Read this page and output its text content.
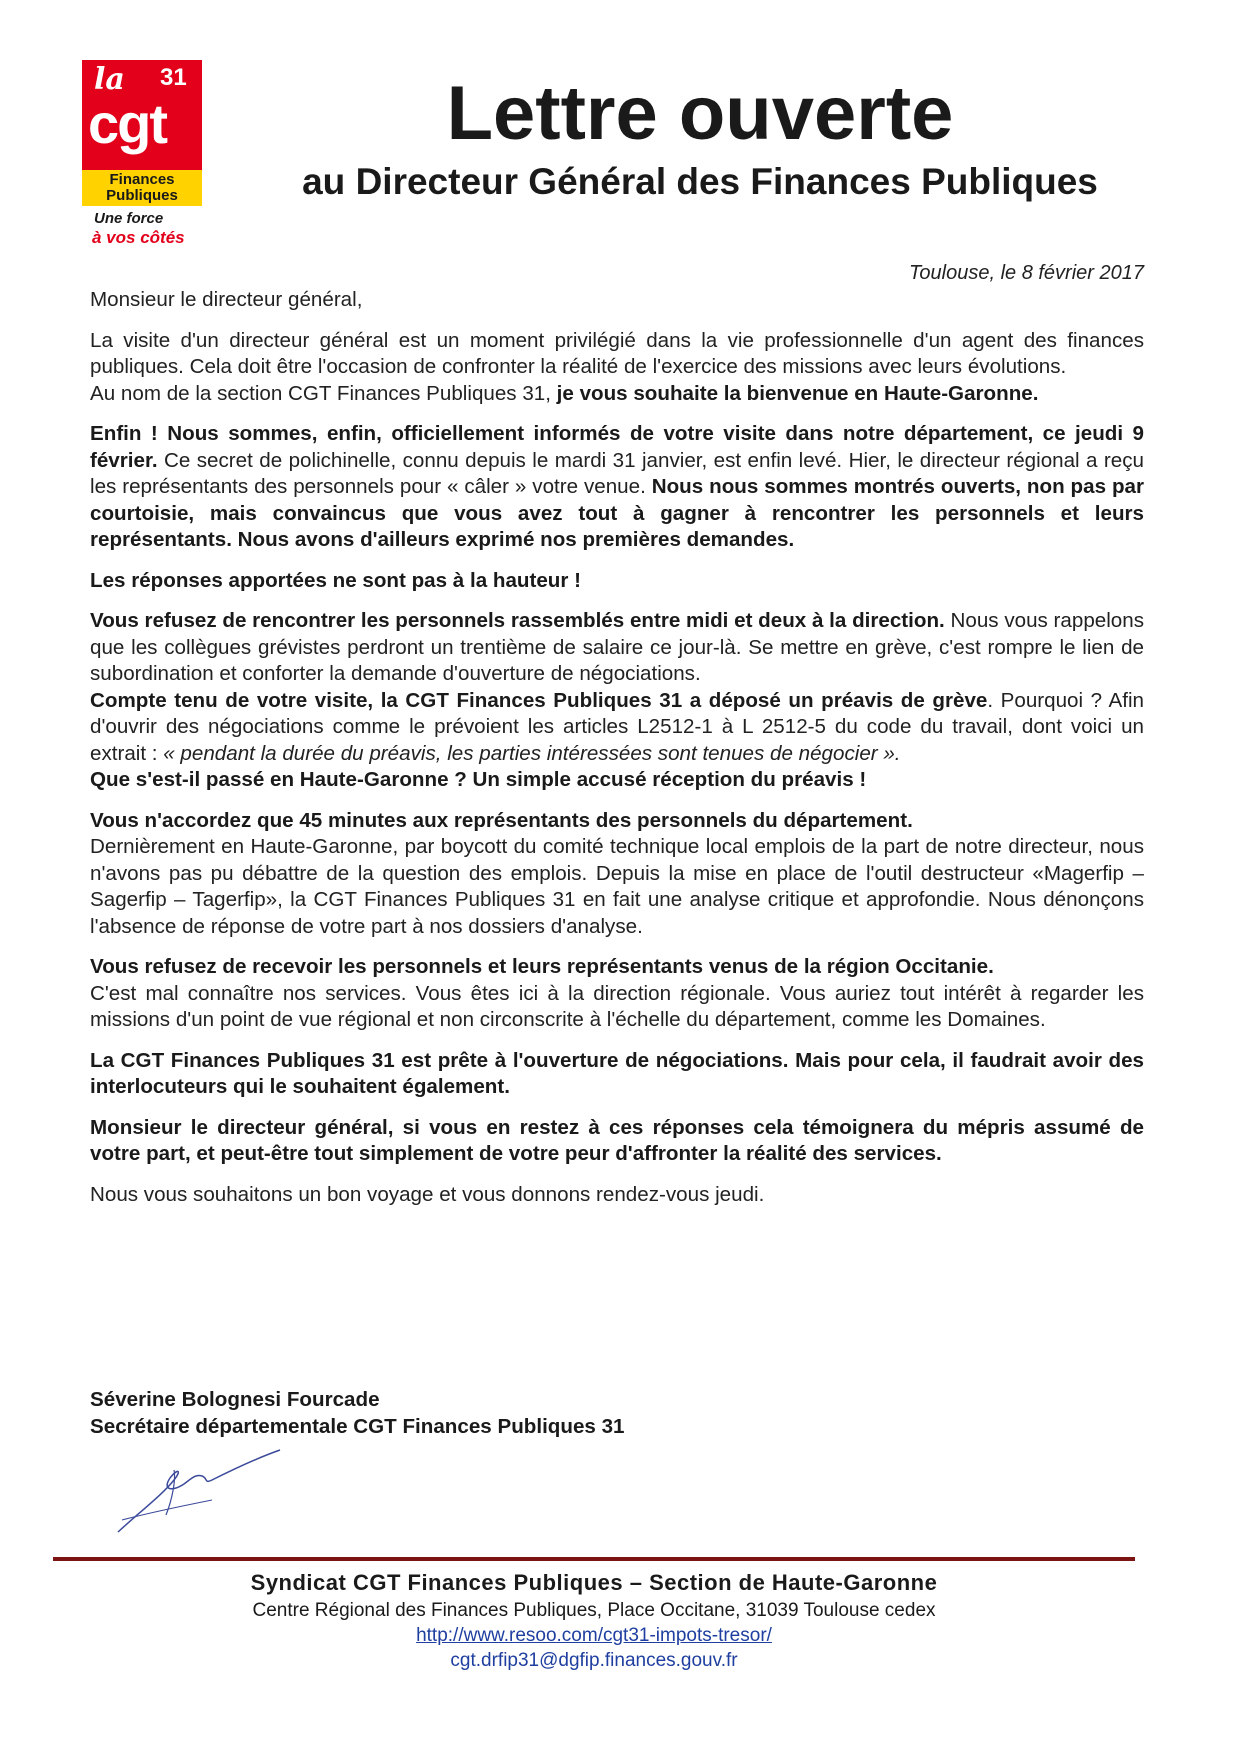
la 31
cgt
Finances
Publiques
Une force
à vos côtés
Lettre ouverte
au Directeur Général des Finances Publiques
Toulouse, le 8 février 2017

Monsieur le directeur général,

La visite d'un directeur général est un moment privilégié dans la vie professionnelle d'un agent des finances publiques. Cela doit être l'occasion de confronter la réalité de l'exercice des missions avec leurs évolutions.

Au nom de la section CGT Finances Publiques 31, je vous souhaite la bienvenue en Haute-Garonne.

Enfin ! Nous sommes, enfin, officiellement informés de votre visite dans notre département, ce jeudi 9 février. Ce secret de polichinelle, connu depuis le mardi 31 janvier, est enfin levé. Hier, le directeur régional a reçu les représentants des personnels pour « câler » votre venue. Nous nous sommes montrés ouverts, non pas par courtoisie, mais convaincus que vous avez tout à gagner à rencontrer les personnels et leurs représentants. Nous avons d'ailleurs exprimé nos premières demandes.

Les réponses apportées ne sont pas à la hauteur !

Vous refusez de rencontrer les personnels rassemblés entre midi et deux à la direction. Nous vous rappelons que les collègues grévistes perdront un trentième de salaire ce jour-là. Se mettre en grève, c'est rompre le lien de subordination et conforter la demande d'ouverture de négociations.

Compte tenu de votre visite, la CGT Finances Publiques 31 a déposé un préavis de grève. Pourquoi ? Afin d'ouvrir des négociations comme le prévoient les articles L2512-1 à L 2512-5 du code du travail, dont voici un extrait : « pendant la durée du préavis, les parties intéressées sont tenues de négocier ».

Que s'est-il passé en Haute-Garonne ? Un simple accusé réception du préavis !

Vous n'accordez que 45 minutes aux représentants des personnels du département.
Dernièrement en Haute-Garonne, par boycott du comité technique local emplois de la part de notre directeur, nous n'avons pas pu débattre de la question des emplois. Depuis la mise en place de l'outil destructeur «Magerfip – Sagerfip – Tagerfip», la CGT Finances Publiques 31 en fait une analyse critique et approfondie. Nous dénonçons l'absence de réponse de votre part à nos dossiers d'analyse.

Vous refusez de recevoir les personnels et leurs représentants venus de la région Occitanie.
C'est mal connaître nos services. Vous êtes ici à la direction régionale. Vous auriez tout intérêt à regarder les missions d'un point de vue régional et non circonscrite à l'échelle du département, comme les Domaines.

La CGT Finances Publiques 31 est prête à l'ouverture de négociations. Mais pour cela, il faudrait avoir des interlocuteurs qui le souhaitent également.

Monsieur le directeur général, si vous en restez à ces réponses cela témoignera du mépris assumé de votre part, et peut-être tout simplement de votre peur d'affronter la réalité des services.

Nous vous souhaitons un bon voyage et vous donnons rendez-vous jeudi.

Séverine Bolognesi Fourcade
Secrétaire départementale CGT Finances Publiques 31
Syndicat CGT Finances Publiques – Section de Haute-Garonne
Centre Régional des Finances Publiques, Place Occitane, 31039 Toulouse cedex
http://www.resoo.com/cgt31-impots-tresor/
cgt.drfip31@dgfip.finances.gouv.fr
